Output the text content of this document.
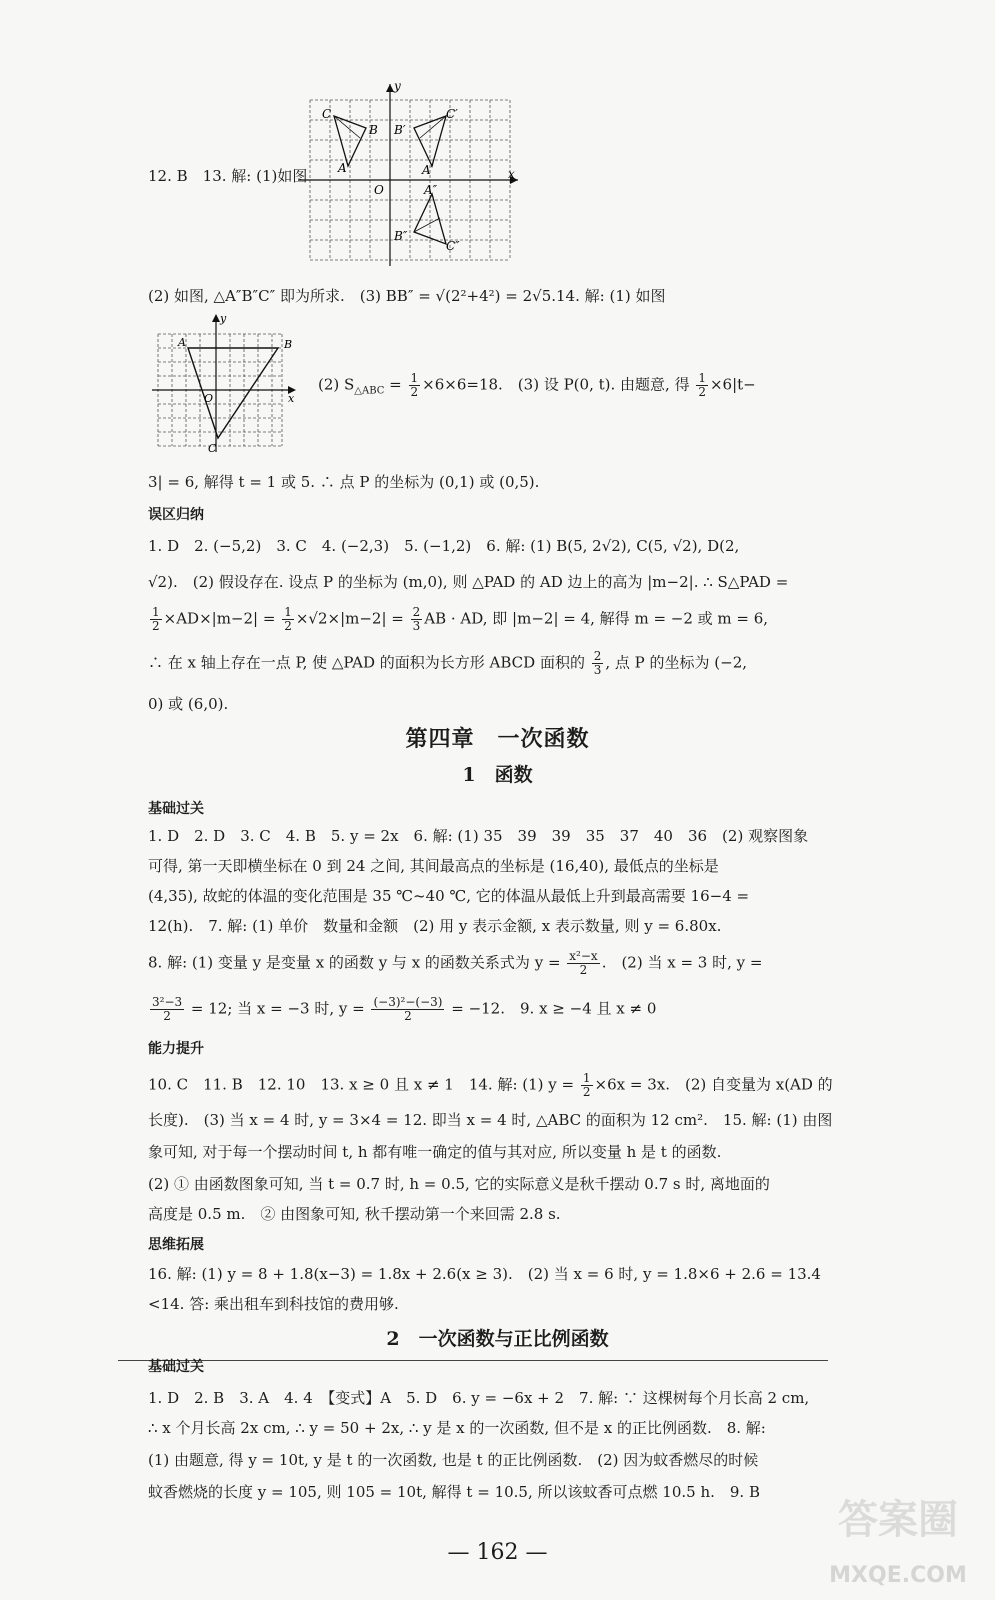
y
x
O
C
B
A
B′
C′
A′
A″
B″
C″
12. B　13. 解: (1)如图
(2) 如图, △A″B″C″ 即为所求.　(3) BB″ = √(2²+4²) = 2√5.14. 解: (1) 如图
y
x
O
A	B
C
(2) $S_{\triangle ABC} = \frac{1}{2} \times 6\times 6=18$.　(3) 设 P(0, t). 由题意, 得 $\frac{1}{2} \times 6|t-$
3| = 6, 解得 t = 1 或 5. ∴ 点 P 的坐标为 (0,1) 或 (0,5).
误区归纳
1. D　2. (−5,2)　3. C　4. (−2,3)　5. (−1,2)　6. 解: (1) B(5, 2√2), C(5, √2), D(2,
√2).　(2) 假设存在. 设点 P 的坐标为 (m,0), 则 △PAD 的 AD 边上的高为 |m−2|. ∴ S△PAD =
$\frac{1}{2} \times AD\times|m-2| = \frac{1}{2} \times√2\times|m-2| = \frac{2}{3}$ AB · AD, 即 |m−2| = 4, 解得 m = −2 或 m = 6,
∴ 在 x 轴上存在一点 P, 使 △PAD 的面积为长方形 ABCD 面积的 $\frac{2}{3}$ , 点 P 的坐标为 (−2,
0) 或 (6,0).
第四章　一次函数
1　函数
基础过关
1. D　2. D　3. C　4. B　5. y = 2x　6. 解: (1) 35　39　39　35　37　40　36　(2) 观察图象
可得, 第一天即横坐标在 0 到 24 之间, 其间最高点的坐标是 (16,40), 最低点的坐标是
(4,35), 故蛇的体温的变化范围是 35 ℃~40 ℃, 它的体温从最低上升到最高需要 16−4 =
12(h).　7. 解: (1) 单价　数量和金额　(2) 用 y 表示金额, x 表示数量, 则 y = 6.80x.
8. 解: (1) 变量 y 是变量 x 的函数 y 与 x 的函数关系式为 $y = \frac{\text{x²−x}}{2}$ .　(2) 当 x = 3 时, y =
$\frac{\text{3²−3}}{2} = 12$; 当 x = −3 时, $y = \frac{\text{(−3)²−(−3)}}{2} = -12$.　9. x ≥ −4 且 x ≠ 0
能力提升
10. C　11. B　12. 10　13. x ≥ 0 且 x ≠ 1　14. 解: (1) $y = \frac{1}{2} \times 6x = 3x$.　(2) 自变量为 x(AD 的
长度).　(3) 当 x = 4 时, y = 3×4 = 12. 即当 x = 4 时, △ABC 的面积为 12 cm².　15. 解: (1) 由图
象可知, 对于每一个摆动时间 t, h 都有唯一确定的值与其对应, 所以变量 h 是 t 的函数.
(2) ① 由函数图象可知, 当 t = 0.7 时, h = 0.5, 它的实际意义是秋千摆动 0.7 s 时, 离地面的
高度是 0.5 m.　② 由图象可知, 秋千摆动第一个来回需 2.8 s.
思维拓展
16. 解: (1) y = 8 + 1.8(x−3) = 1.8x + 2.6(x ≥ 3).　(2) 当 x = 6 时, y = 1.8×6 + 2.6 = 13.4
<14. 答: 乘出租车到科技馆的费用够.
2　一次函数与正比例函数
基础过关
1. D　2. B　3. A　4. 4　【变式】A　5. D　6. y = −6x + 2　7. 解: ∵ 这棵树每个月长高 2 cm,
∴ x 个月长高 2x cm, ∴ y = 50 + 2x, ∴ y 是 x 的一次函数, 但不是 x 的正比例函数.　8. 解:
(1) 由题意, 得 y = 10t, y 是 t 的一次函数, 也是 t 的正比例函数.　(2) 因为蚊香燃尽的时候
蚊香燃烧的长度 y = 105, 则 105 = 10t, 解得 t = 10.5, 所以该蚊香可点燃 10.5 h.　9. B
— 162 —
答案圈
MXQE.COM
